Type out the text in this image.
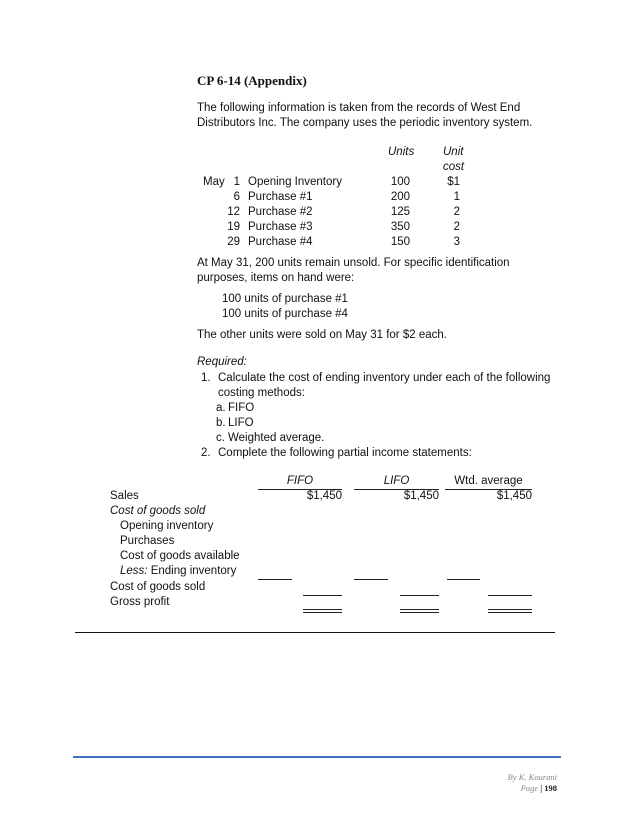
CP 6-14 (Appendix)
The following information is taken from the records of West End
Distributors Inc. The company uses the periodic inventory system.
Units	Unit
cost
May 1 Opening Inventory	100	$1
6 Purchase #1	200	1
12 Purchase #2	125	2
19 Purchase #3	350	2
29 Purchase #4	150	3
At May 31, 200 units remain unsold. For specific identification
purposes, items on hand were:
100 units of purchase #1
100 units of purchase #4
The other units were sold on May 31 for $2 each.
Required:
1. Calculate the cost of ending inventory under each of the following
costing methods:
a. FIFO
b. LIFO
c. Weighted average.
2. Complete the following partial income statements:
FIFO	LIFO	Wtd. average
Sales	$1,450	$1,450	$1,450
Cost of goods sold
Opening inventory
Purchases
Cost of goods available
Less: Ending inventory
Cost of goods sold
Gross profit
By K. Kourani
Page | 198
